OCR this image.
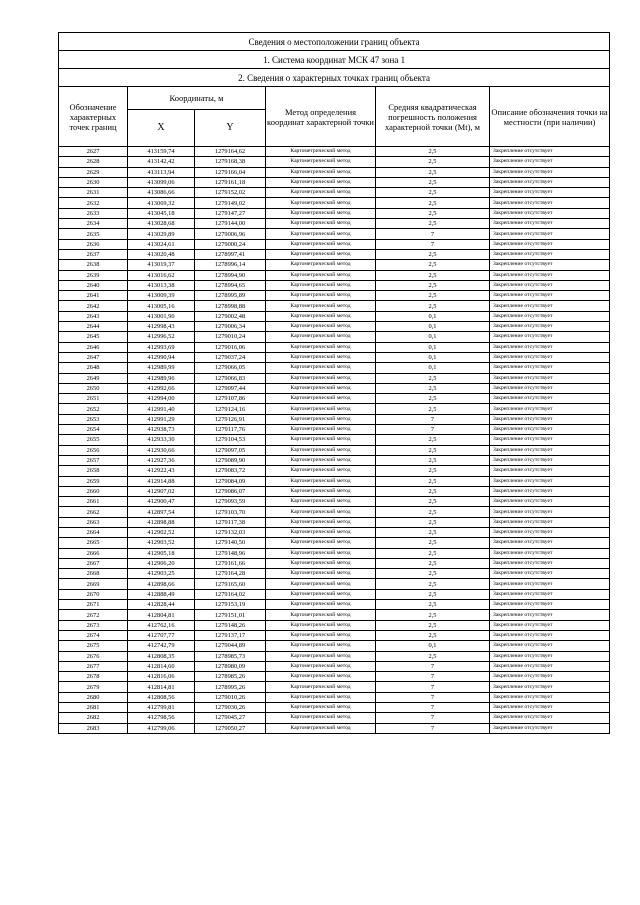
Сведения о местоположении границ объекта					
1. Система координат МСК 47 зона 1					
2. Сведения о характерных точках границ объекта					
Обозначение характерных точек границ	Координаты, м		Метод определения координат характерной точки	Средняя квадратическая погрешность положения характерной точки (Mt), м	Описание обозначения точки на местности (при наличии)
	X	Y			
2627	413159,74	1279164,62	Картометрический метод	2,5	Закрепление отсутствует
2628	413142,42	1279168,38	Картометрический метод	2,5	Закрепление отсутствует
2629	413113,94	1279166,04	Картометрический метод	2,5	Закрепление отсутствует
2630	413099,06	1279161,18	Картометрический метод	2,5	Закрепление отсутствует
2631	413086,66	1279152,02	Картометрический метод	2,5	Закрепление отсутствует
2632	413069,32	1279149,02	Картометрический метод	2,5	Закрепление отсутствует
2633	413045,18	1279147,27	Картометрический метод	2,5	Закрепление отсутствует
2634	413028,68	1279144,00	Картометрический метод	2,5	Закрепление отсутствует
2635	413029,89	1279006,96	Картометрический метод	7	Закрепление отсутствует
2636	413024,61	1279000,24	Картометрический метод	7	Закрепление отсутствует
2637	413020,48	1278997,41	Картометрический метод	2,5	Закрепление отсутствует
2638	413019,37	1278996,14	Картометрический метод	2,5	Закрепление отсутствует
2639	413016,62	1278994,90	Картометрический метод	2,5	Закрепление отсутствует
2640	413013,38	1278994,65	Картометрический метод	2,5	Закрепление отсутствует
2641	413009,39	1278995,89	Картометрический метод	2,5	Закрепление отсутствует
2642	413005,16	1278998,88	Картометрический метод	2,5	Закрепление отсутствует
2643	413001,90	1279002,48	Картометрический метод	0,1	Закрепление отсутствует
2644	412998,43	1279006,34	Картометрический метод	0,1	Закрепление отсутствует
2645	412996,52	1279010,24	Картометрический метод	0,1	Закрепление отсутствует
2646	412993,69	1279016,06	Картометрический метод	0,1	Закрепление отсутствует
2647	412990,94	1279037,24	Картометрический метод	0,1	Закрепление отсутствует
2648	412989,99	1279066,05	Картометрический метод	0,1	Закрепление отсутствует
2649	412989,96	1279066,83	Картометрический метод	2,5	Закрепление отсутствует
2650	412992,66	1279097,44	Картометрический метод	2,5	Закрепление отсутствует
2651	412994,00	1279107,86	Картометрический метод	2,5	Закрепление отсутствует
2652	412991,40	1279124,16	Картометрический метод	2,5	Закрепление отсутствует
2653	412991,29	1279126,91	Картометрический метод	7	Закрепление отсутствует
2654	412938,73	1279117,76	Картометрический метод	7	Закрепление отсутствует
2655	412933,30	1279104,53	Картометрический метод	2,5	Закрепление отсутствует
2656	412930,66	1279097,05	Картометрический метод	2,5	Закрепление отсутствует
2657	412927,36	1279089,90	Картометрический метод	2,5	Закрепление отсутствует
2658	412922,43	1279083,72	Картометрический метод	2,5	Закрепление отсутствует
2659	412914,88	1279084,09	Картометрический метод	2,5	Закрепление отсутствует
2660	412907,02	1279086,07	Картометрический метод	2,5	Закрепление отсутствует
2661	412900,47	1279093,59	Картометрический метод	2,5	Закрепление отсутствует
2662	412897,54	1279103,70	Картометрический метод	2,5	Закрепление отсутствует
2663	412898,88	1279117,38	Картометрический метод	2,5	Закрепление отсутствует
2664	412902,52	1279132,03	Картометрический метод	2,5	Закрепление отсутствует
2665	412903,52	1279140,50	Картометрический метод	2,5	Закрепление отсутствует
2666	412905,18	1279148,96	Картометрический метод	2,5	Закрепление отсутствует
2667	412906,20	1279161,66	Картометрический метод	2,5	Закрепление отсутствует
2668	412903,25	1279164,28	Картометрический метод	2,5	Закрепление отсутствует
2669	412898,66	1279165,60	Картометрический метод	2,5	Закрепление отсутствует
2670	412888,49	1279164,02	Картометрический метод	2,5	Закрепление отсутствует
2671	412828,44	1279153,19	Картометрический метод	2,5	Закрепление отсутствует
2672	412804,81	1279151,01	Картометрический метод	2,5	Закрепление отсутствует
2673	412762,16	1279148,26	Картометрический метод	2,5	Закрепление отсутствует
2674	412707,77	1279137,17	Картометрический метод	2,5	Закрепление отсутствует
2675	412742,79	1279044,89	Картометрический метод	0,1	Закрепление отсутствует
2676	412808,35	1278985,73	Картометрический метод	2,5	Закрепление отсутствует
2677	412814,60	1278980,09	Картометрический метод	7	Закрепление отсутствует
2678	412816,06	1278985,26	Картометрический метод	7	Закрепление отсутствует
2679	412814,81	1278995,26	Картометрический метод	7	Закрепление отсутствует
2680	412808,56	1279010,26	Картометрический метод	7	Закрепление отсутствует
2681	412799,81	1279030,26	Картометрический метод	7	Закрепление отсутствует
2682	412798,56	1279045,27	Картометрический метод	7	Закрепление отсутствует
2683	412799,06	1279050,27	Картометрический метод	7	Закрепление отсутствует
